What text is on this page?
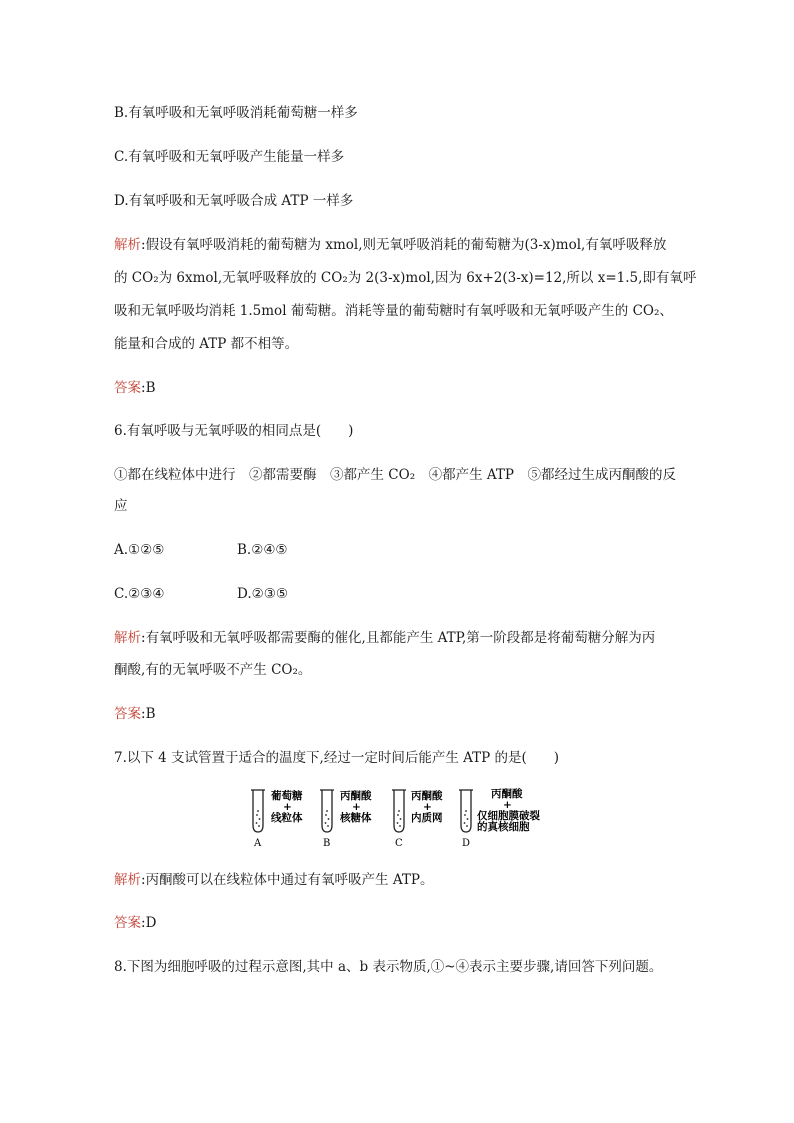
B.有氧呼吸和无氧呼吸消耗葡萄糖一样多
C.有氧呼吸和无氧呼吸产生能量一样多
D.有氧呼吸和无氧呼吸合成 ATP 一样多
解析:假设有氧呼吸消耗的葡萄糖为 xmol,则无氧呼吸消耗的葡萄糖为(3-x)mol,有氧呼吸释放
的 CO₂为 6xmol,无氧呼吸释放的 CO₂为 2(3-x)mol,因为 6x+2(3-x)=12,所以 x=1.5,即有氧呼
吸和无氧呼吸均消耗 1.5mol 葡萄糖。消耗等量的葡萄糖时有氧呼吸和无氧呼吸产生的 CO₂、
能量和合成的 ATP 都不相等。
答案:B
6.有氧呼吸与无氧呼吸的相同点是(　　)
①都在线粒体中进行　②都需要酶　③都产生 CO₂　④都产生 ATP　⑤都经过生成丙酮酸的反
应
A.①②⑤	B.②④⑤
C.②③④	D.②③⑤
解析:有氧呼吸和无氧呼吸都需要酶的催化,且都能产生 ATP,第一阶段都是将葡萄糖分解为丙
酮酸,有的无氧呼吸不产生 CO₂。
答案:B
7.以下 4 支试管置于适合的温度下,经过一定时间后能产生 ATP 的是(　　)
葡萄糖
+
线粒体
A
丙酮酸
+
核糖体
B
丙酮酸
+
内质网
C
丙酮酸
+
仅细胞膜破裂
的真核细胞
D
解析:丙酮酸可以在线粒体中通过有氧呼吸产生 ATP。
答案:D
8.下图为细胞呼吸的过程示意图,其中 a、b 表示物质,①~④表示主要步骤,请回答下列问题。
